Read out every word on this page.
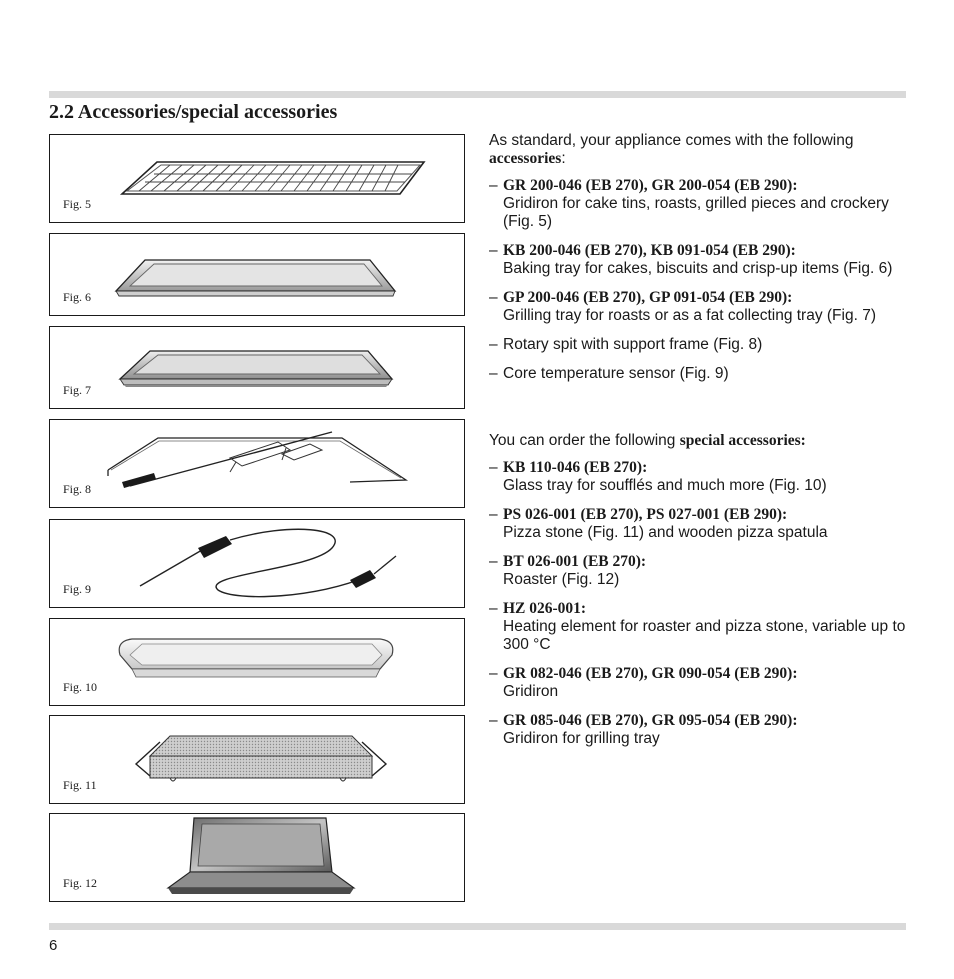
2.2 Accessories/special accessories
Fig. 5
Fig. 6
Fig. 7
Fig. 8
Fig. 9
Fig. 10
Fig. 11
Fig. 12

As standard, your appliance comes with the following accessories:

– GR 200-046 (EB 270), GR 200-054 (EB 290):
Gridiron for cake tins, roasts, grilled pieces and crockery (Fig. 5)
– KB 200-046 (EB 270), KB 091-054 (EB 290):
Baking tray for cakes, biscuits and crisp-up items (Fig. 6)
– GP 200-046 (EB 270), GP 091-054 (EB 290):
Grilling tray for roasts or as a fat collecting tray (Fig. 7)
– Rotary spit with support frame (Fig. 8)
– Core temperature sensor (Fig. 9)

You can order the following special accessories:

– KB 110-046 (EB 270):
Glass tray for soufflés and much more (Fig. 10)
– PS 026-001 (EB 270), PS 027-001 (EB 290):
Pizza stone (Fig. 11) and wooden pizza spatula
– BT 026-001 (EB 270):
Roaster (Fig. 12)
– HZ 026-001:
Heating element for roaster and pizza stone, variable up to 300 °C
– GR 082-046 (EB 270), GR 090-054 (EB 290):
Gridiron
– GR 085-046 (EB 270), GR 095-054 (EB 290):
Gridiron for grilling tray
6
